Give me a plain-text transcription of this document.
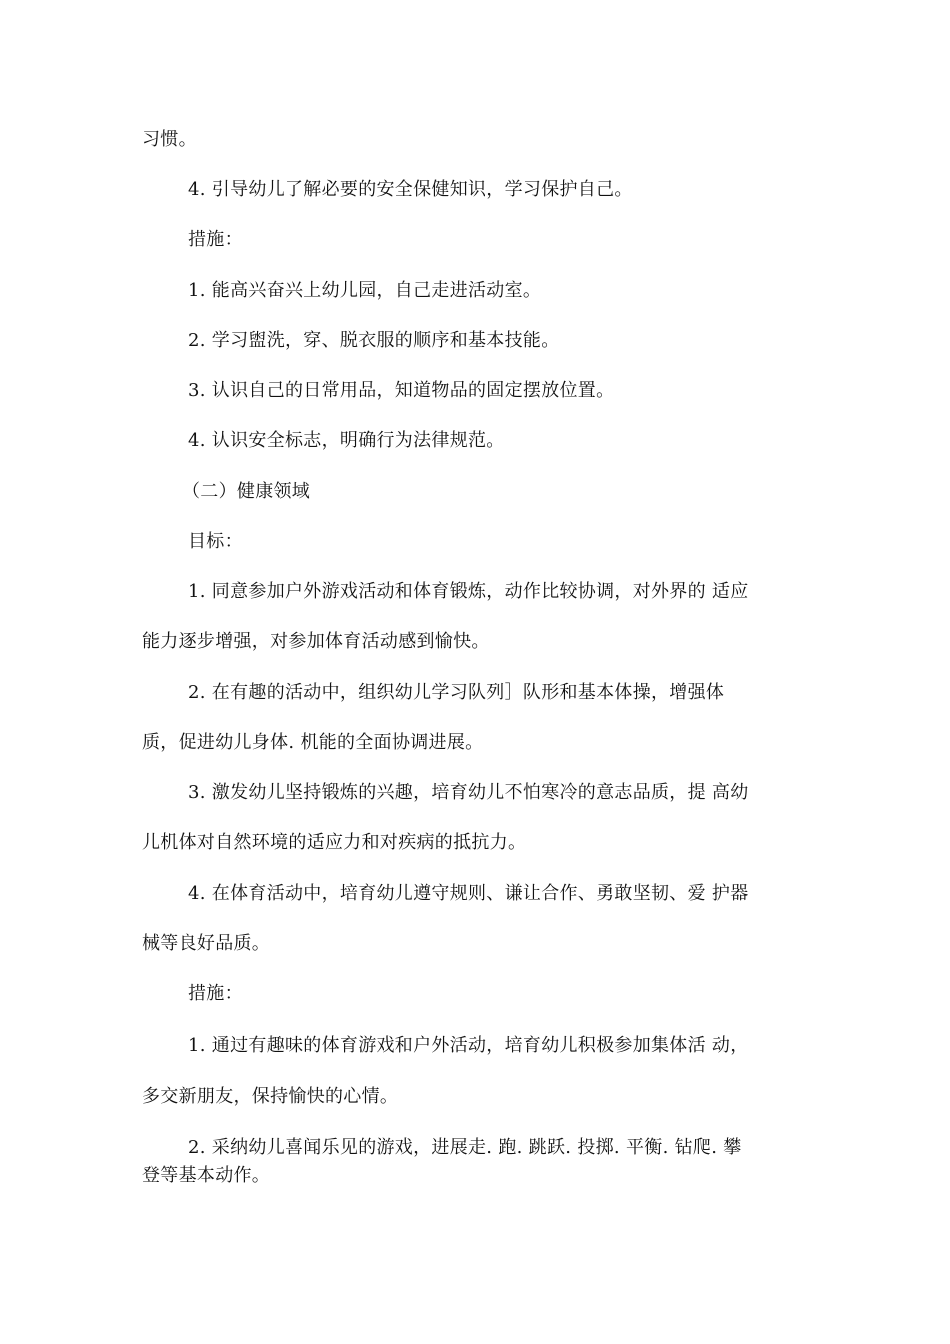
习惯。
4. 引导幼儿了解必要的安全保健知识，学习保护自己。
措施：
1. 能高兴奋兴上幼儿园，自己走进活动室。
2. 学习盥洗，穿、脱衣服的顺序和基本技能。
3. 认识自己的日常用品，知道物品的固定摆放位置。
4. 认识安全标志，明确行为法律规范。
（二）健康领域
目标：
1. 同意参加户外游戏活动和体育锻炼，动作比较协调，对外界的 适应
能力逐步增强，对参加体育活动感到愉快。
2. 在有趣的活动中，组织幼儿学习队列］队形和基本体操，增强体
质，促进幼儿身体. 机能的全面协调进展。
3. 激发幼儿坚持锻炼的兴趣，培育幼儿不怕寒冷的意志品质，提 高幼
儿机体对自然环境的适应力和对疾病的抵抗力。
4. 在体育活动中，培育幼儿遵守规则、谦让合作、勇敢坚韧、爱 护器
械等良好品质。
措施：
1. 通过有趣味的体育游戏和户外活动，培育幼儿积极参加集体活 动，
多交新朋友，保持愉快的心情。
2. 采纳幼儿喜闻乐见的游戏，进展走. 跑. 跳跃. 投掷. 平衡. 钻爬. 攀
登等基本动作。
